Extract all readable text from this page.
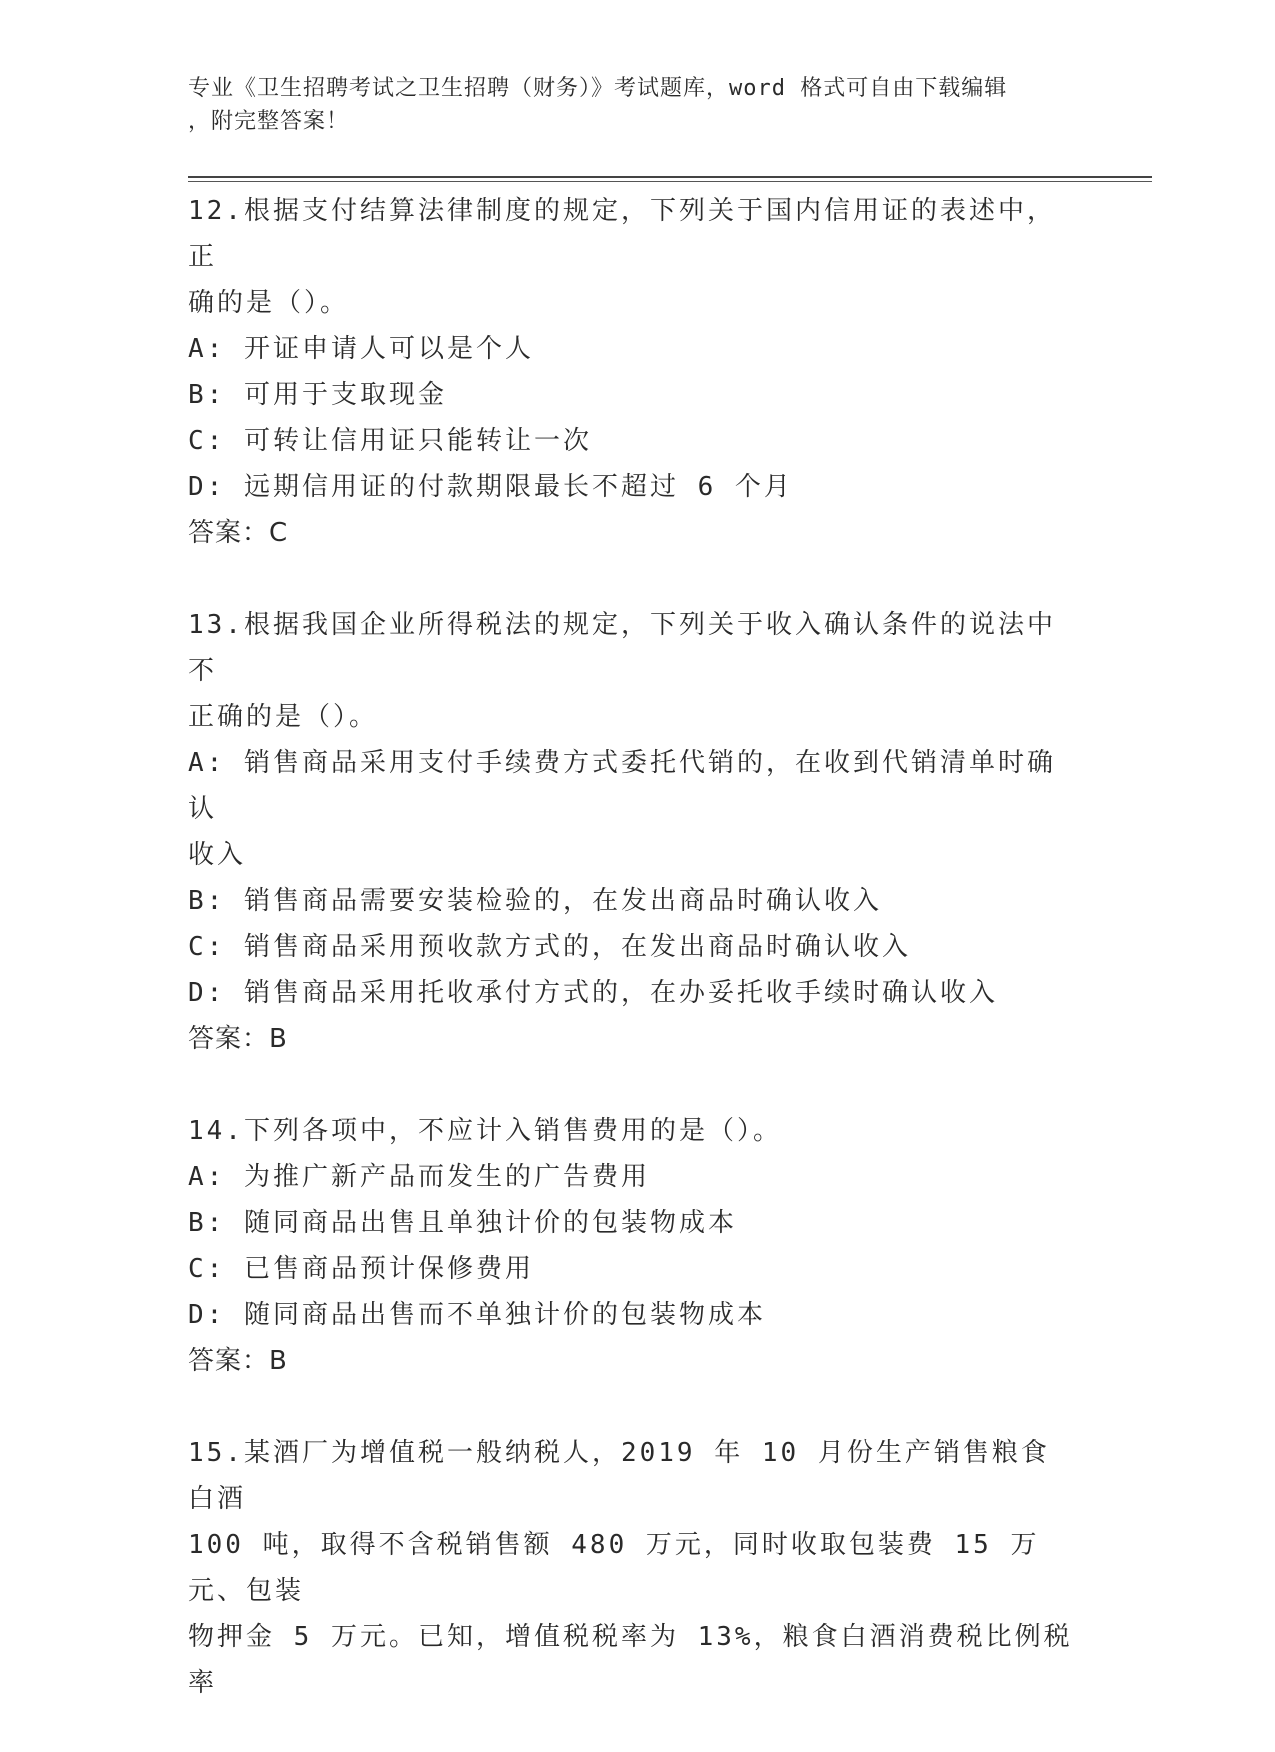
专业《卫生招聘考试之卫生招聘（财务）》考试题库，word 格式可自由下载编辑
，附完整答案！
12.根据支付结算法律制度的规定，下列关于国内信用证的表述中，正
确的是（）。
A: 开证申请人可以是个人
B: 可用于支取现金
C: 可转让信用证只能转让一次
D: 远期信用证的付款期限最长不超过 6 个月
答案：C
13.根据我国企业所得税法的规定，下列关于收入确认条件的说法中不
正确的是（）。
A: 销售商品采用支付手续费方式委托代销的，在收到代销清单时确认
收入
B: 销售商品需要安装检验的，在发出商品时确认收入
C: 销售商品采用预收款方式的，在发出商品时确认收入
D: 销售商品采用托收承付方式的，在办妥托收手续时确认收入
答案：B
14.下列各项中，不应计入销售费用的是（）。
A: 为推广新产品而发生的广告费用
B: 随同商品出售且单独计价的包装物成本
C: 已售商品预计保修费用
D: 随同商品出售而不单独计价的包装物成本
答案：B
15.某酒厂为增值税一般纳税人，2019 年 10 月份生产销售粮食白酒
100 吨，取得不含税销售额 480 万元，同时收取包装费 15 万元、包装
物押金 5 万元。已知，增值税税率为 13%，粮食白酒消费税比例税率
